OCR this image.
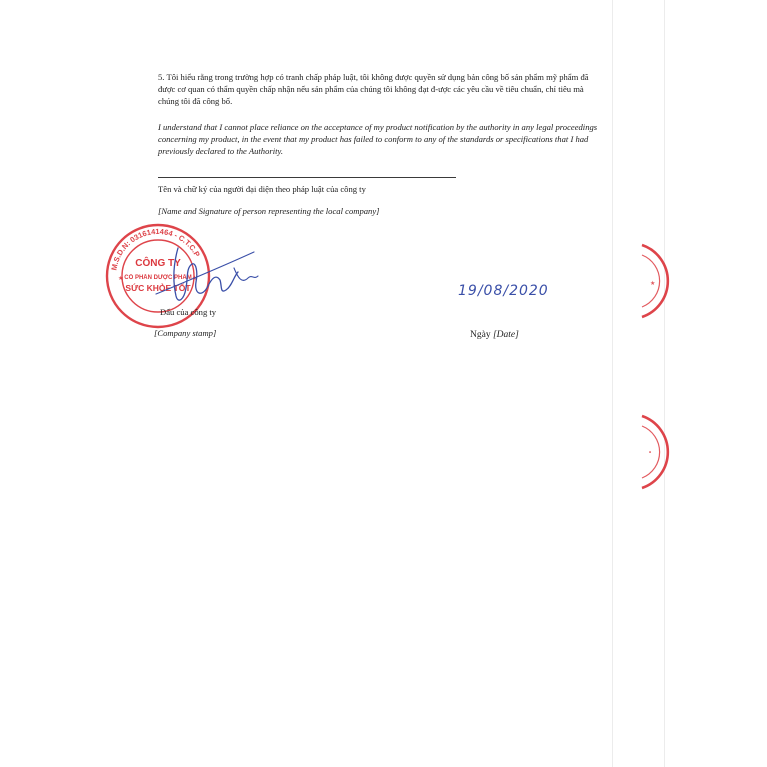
5. Tôi hiểu rằng trong trường hợp có tranh chấp pháp luật, tôi không được quyền sử dụng bản công bố sản phẩm mỹ phẩm đã được cơ quan có thẩm quyền chấp nhận nếu sản phẩm của chúng tôi không đạt đ-ược các yêu cầu về tiêu chuẩn, chỉ tiêu mà chúng tôi đã công bố.
I understand that I cannot place reliance on the acceptance of my product notification by the authority in any legal proceedings concerning my product, in the event that my product has failed to conform to any of the standards or specifications that I had previously declared to the Authority.
Tên và chữ ký của người đại diện theo pháp luật của công ty
[Name and Signature of person representing the local company]
M.S.D.N: 0316141464 - C.T.C.P
CÔNG TY
CỔ PHẦN DƯỢC PHẨM
SỨC KHỎE TỐT
★	★
Dấu của công ty
[Company stamp]
19/08/2020
Ngày [Date]
★
•
